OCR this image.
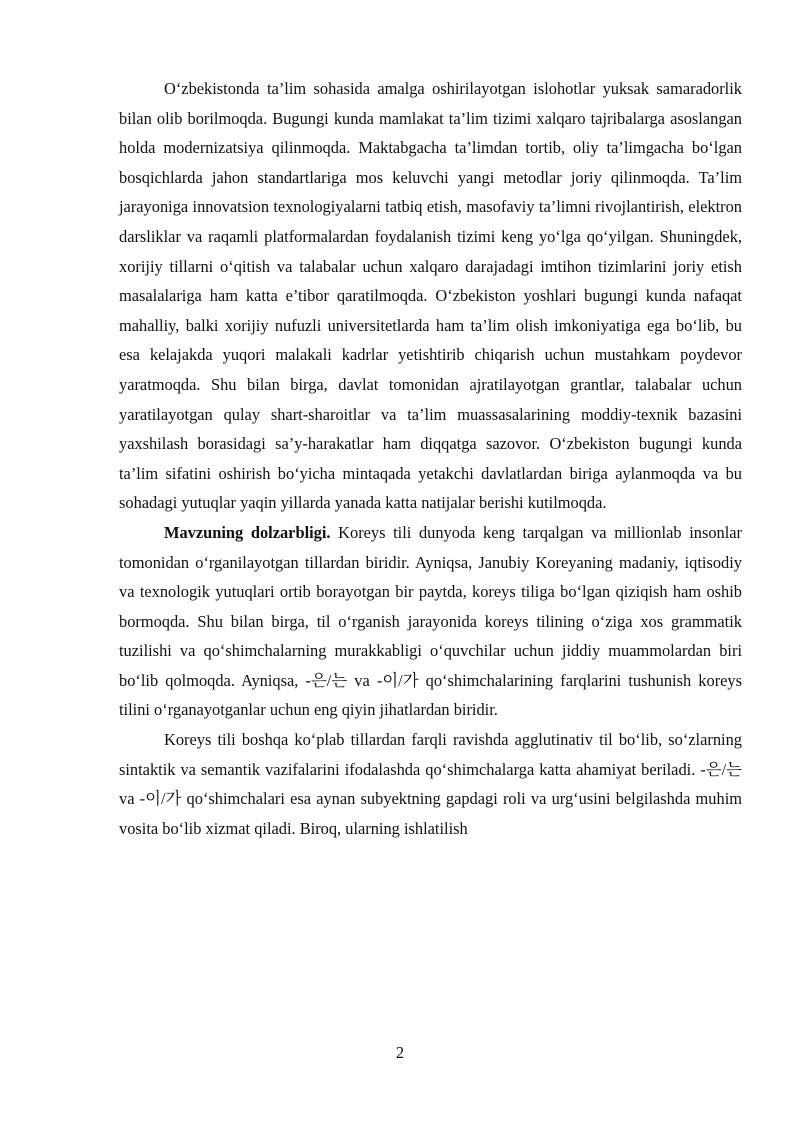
O‘zbekistonda ta’lim sohasida amalga oshirilayotgan islohotlar yuksak samaradorlik bilan olib borilmoqda. Bugungi kunda mamlakat ta’lim tizimi xalqaro tajribalarga asoslangan holda modernizatsiya qilinmoqda. Maktabgacha ta’limdan tortib, oliy ta’limgacha bo‘lgan bosqichlarda jahon standartlariga mos keluvchi yangi metodlar joriy qilinmoqda. Ta’lim jarayoniga innovatsion texnologiyalarni tatbiq etish, masofaviy ta’limni rivojlantirish, elektron darsliklar va raqamli platformalardan foydalanish tizimi keng yo‘lga qo‘yilgan. Shuningdek, xorijiy tillarni o‘qitish va talabalar uchun xalqaro darajadagi imtihon tizimlarini joriy etish masalalariga ham katta e’tibor qaratilmoqda. O‘zbekiston yoshlari bugungi kunda nafaqat mahalliy, balki xorijiy nufuzli universitetlarda ham ta’lim olish imkoniyatiga ega bo‘lib, bu esa kelajakda yuqori malakali kadrlar yetishtirib chiqarish uchun mustahkam poydevor yaratmoqda. Shu bilan birga, davlat tomonidan ajratilayotgan grantlar, talabalar uchun yaratilayotgan qulay shart-sharoitlar va ta’lim muassasalarining moddiy-texnik bazasini yaxshilash borasidagi sa’y-harakatlar ham diqqatga sazovor. O‘zbekiston bugungi kunda ta’lim sifatini oshirish bo‘yicha mintaqada yetakchi davlatlardan biriga aylanmoqda va bu sohadagi yutuqlar yaqin yillarda yanada katta natijalar berishi kutilmoqda.

Mavzuning dolzarbligi. Koreys tili dunyoda keng tarqalgan va millionlab insonlar tomonidan o‘rganilayotgan tillardan biridir. Ayniqsa, Janubiy Koreyaning madaniy, iqtisodiy va texnologik yutuqlari ortib borayotgan bir paytda, koreys tiliga bo‘lgan qiziqish ham oshib bormoqda. Shu bilan birga, til o‘rganish jarayonida koreys tilining o‘ziga xos grammatik tuzilishi va qo‘shimchalarning murakkabligi o‘quvchilar uchun jiddiy muammolardan biri bo‘lib qolmoqda. Ayniqsa, -은/는 va -이/가 qo‘shimchalarining farqlarini tushunish koreys tilini o‘rganayotganlar uchun eng qiyin jihatlardan biridir.

Koreys tili boshqa ko‘plab tillardan farqli ravishda agglutinativ til bo‘lib, so‘zlarning sintaktik va semantik vazifalarini ifodalashda qo‘shimchalarga katta ahamiyat beriladi. -은/는 va -이/가 qo‘shimchalari esa aynan subyektning gapdagi roli va urg‘usini belgilashda muhim vosita bo‘lib xizmat qiladi. Biroq, ularning ishlatilish

2
